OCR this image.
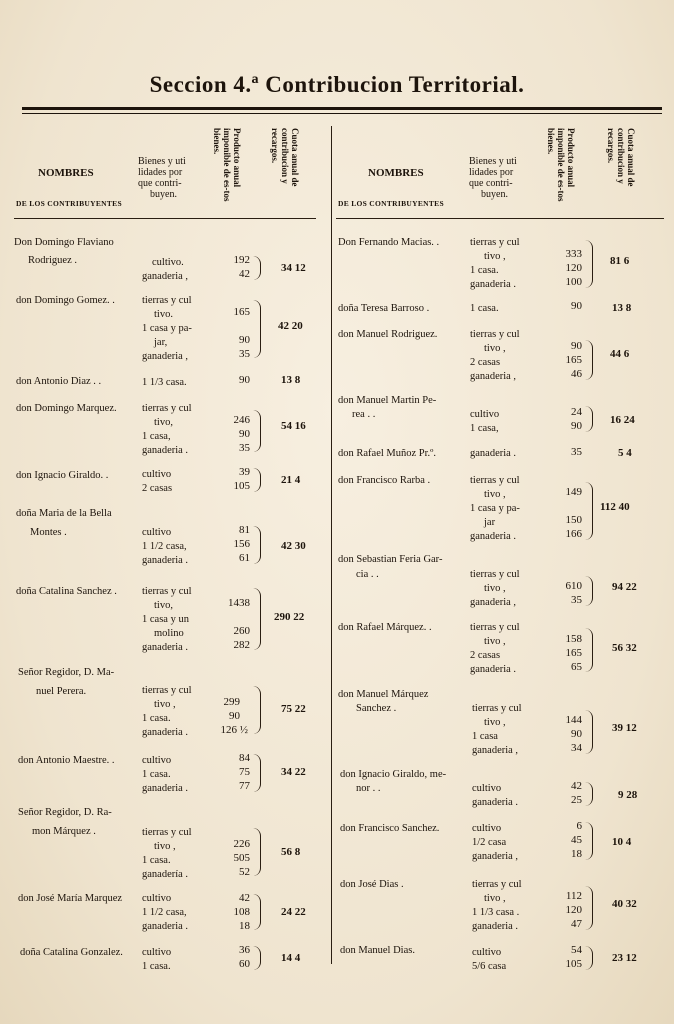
Seccion 4.ª Contribucion Territorial.
NOMBRES
DE LOS CONTRIBUYENTES
Bienes y uti
lidades por
que contri-
buyen.
Producto anual imponible de es-tos bienes.	Cuota anual de contribucion y recargos.
NOMBRES
DE LOS CONTRIBUYENTES
Bienes y uti
lidades por
que contri-
buyen.
Producto anual imponible de es-tos bienes.	Cuota anual de contribucion y recargos.
Don Domingo Flaviano
Rodriguez .
don Domingo Gomez. .
don Antonio Diaz . .
don Domingo Marquez.
don Ignacio Giraldo. .
doña Maria de la Bella
Montes .
doña Catalina Sanchez .
Señor Regidor, D. Ma-
nuel Perera.
don Antonio Maestre. .
Señor Regidor, D. Ra-
mon Márquez .
don José María Marquez
doña Catalina Gonzalez.
cultivo.
ganaderia ,
tierras y cul
tivo.
1 casa y pa-
jar,
ganaderia ,
1 1/3 casa.
tierras y cul
tivo,
1 casa,
ganaderia .
cultivo
2 casas
cultivo
1 1/2 casa,
ganaderia .
tierras y cul
tivo,
1 casa y un
molino
ganaderia .
tierras y cul
tivo ,
1 casa.
ganaderia .
cultivo
1 casa.
ganaderia .
tierras y cul
tivo ,
1 casa.
ganadería .
cultivo
1 1/2 casa,
ganaderia .
cultivo
1 casa.
192
42
165
90
35
90
246
90
35
39
105
81
156
61
1438
260
282
299
90
126 ½
84
75
77
226
505
52
42
108
18
36
60
34 12
42 20
13 8
54 16
21 4
42 30
290 22
75 22
34 22
56 8
24 22
14 4
Don Fernando Macias. .
doña Teresa Barroso .
don Manuel Rodriguez.
don Manuel Martin Pe-
rea . .
don Rafael Muñoz Pr.º.
don Francisco Rarba .
don Sebastian Feria Gar-
cia . .
don Rafael Márquez. .
don Manuel Márquez
Sanchez .
don Ignacio Giraldo, me-
nor . .
don Francisco Sanchez.
don José Dias .
don Manuel Dias.
tierras y cul
tivo ,
1 casa.
ganaderia .
1 casa.
tierras y cul
tivo ,
2 casas
ganaderia ,
cultivo
1 casa,
ganaderia .
tierras y cul
tivo ,
1 casa y pa-
jar
ganaderia .
tierras y cul
tivo ,
ganaderia ,
tierras y cul
tivo ,
2 casas
ganaderia .
tierras y cul
tivo ,
1 casa
ganaderia ,
cultivo
ganaderia .
cultivo
1/2 casa
ganaderia ,
tierras y cul
tivo ,
1 1/3 casa .
ganaderia .
cultivo
5/6 casa
333
120
100
90
90
165
46
24
90
35
149
150
166
610
35
158
165
65
144
90
34
42
25
6
45
18
112
120
47
54
105
81 6
13 8
44 6
16 24
5 4
112 40
94 22
56 32
39 12
9 28
10 4
40 32
23 12
